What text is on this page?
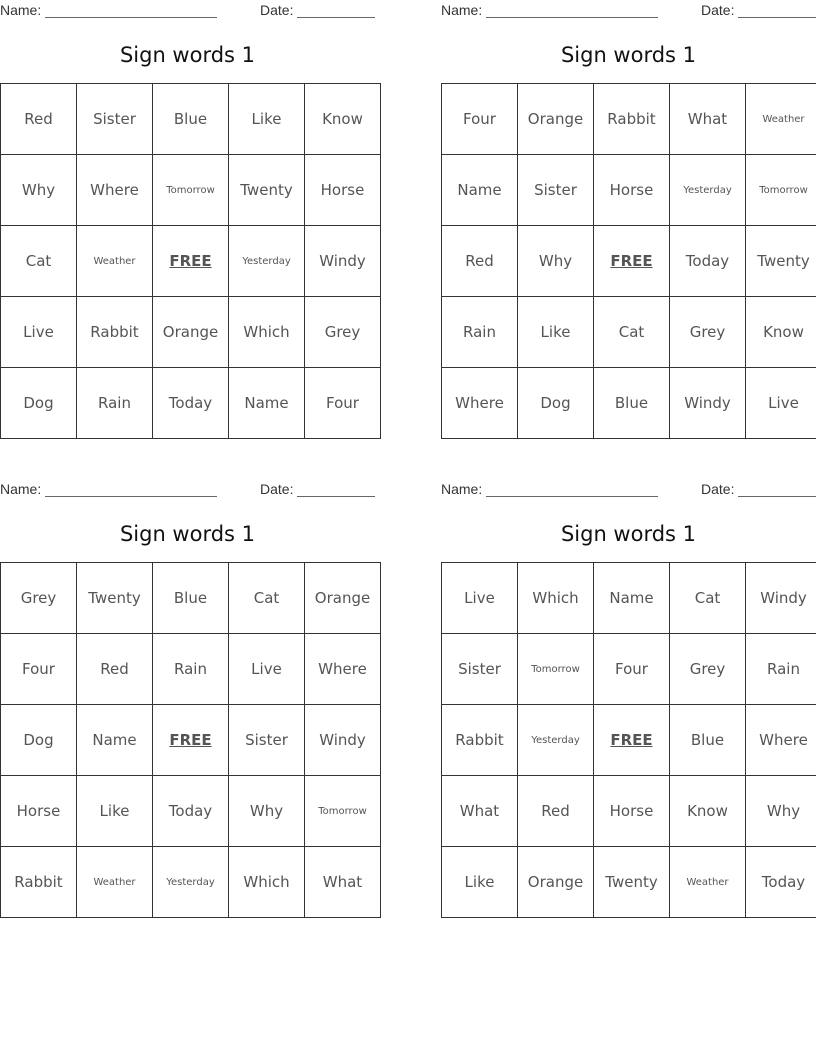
Name:	Date:
Sign words 1
Red	Sister	Blue	Like	Know
Why	Where	Tomorrow	Twenty	Horse
Cat	Weather	FREE	Yesterday	Windy
Live	Rabbit	Orange	Which	Grey
Dog	Rain	Today	Name	Four
Name:	Date:
Sign words 1
Four	Orange	Rabbit	What	Weather
Name	Sister	Horse	Yesterday	Tomorrow
Red	Why	FREE	Today	Twenty
Rain	Like	Cat	Grey	Know
Where	Dog	Blue	Windy	Live
Name:	Date:
Sign words 1
Grey	Twenty	Blue	Cat	Orange
Four	Red	Rain	Live	Where
Dog	Name	FREE	Sister	Windy
Horse	Like	Today	Why	Tomorrow
Rabbit	Weather	Yesterday	Which	What
Name:	Date:
Sign words 1
Live	Which	Name	Cat	Windy
Sister	Tomorrow	Four	Grey	Rain
Rabbit	Yesterday	FREE	Blue	Where
What	Red	Horse	Know	Why
Like	Orange	Twenty	Weather	Today
